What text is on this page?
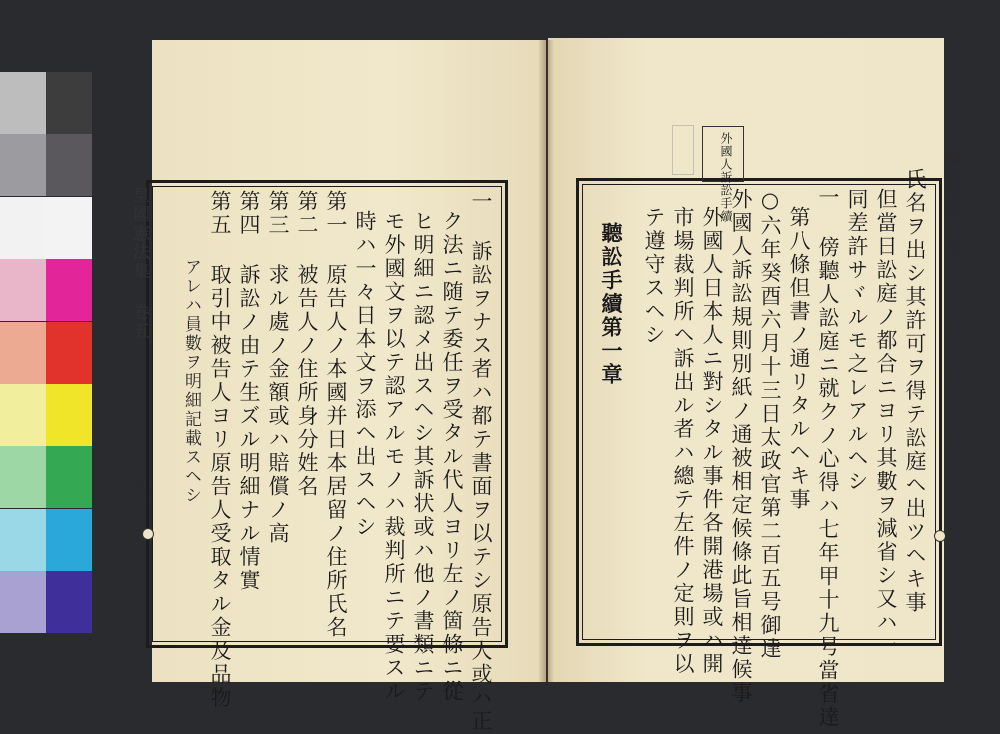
皇國憲法集 卷五
十一	一 訴訟ヲナス者ハ都テ書面ヲ以テシ原告人或ハ正
ク法ニ随テ委任ヲ受タル代人ヨリ左ノ箇條ニ從
ヒ明細ニ認メ出スヘシ其訴状或ハ他ノ書類ニテ
モ外國文ヲ以テ認アルモノハ裁判所ニテ要スル
時ハ一々日本文ヲ添ヘ出スヘシ
第一 原告人ノ本國并日本居留ノ住所氏名
第二 被告人ノ住所身分姓名
第三 求ル處ノ金額或ハ賠償ノ高
第四 訴訟ノ由テ生ズル明細ナル情實
第五 取引中被告人ヨリ原告人受取タル金及品物
アレハ員數ヲ明細記載スヘシ
外國人訴訟手續	聽訟事務 卷五
氏名ヲ出シ其許可ヲ得テ訟庭ヘ出ツヘキ事
但當日訟庭ノ都合ニヨリ其數ヲ減省シ又ハ一
同差許サヾルモ之レアルヘシ
一 傍聽人訟庭ニ就クノ心得ハ七年甲十九号當省達
第八條但書ノ通リタルヘキ事
○六年癸酉六月十三日太政官第二百五号御達
外國人訴訟規則別紙ノ通被相定候條此旨相達候事
外國人日本人ニ對シタル事件各開港場或ハ開
市場裁判所ヘ訴出ル者ハ總テ左件ノ定則ヲ以
テ遵守スヘシ
聽訟手續第一章
